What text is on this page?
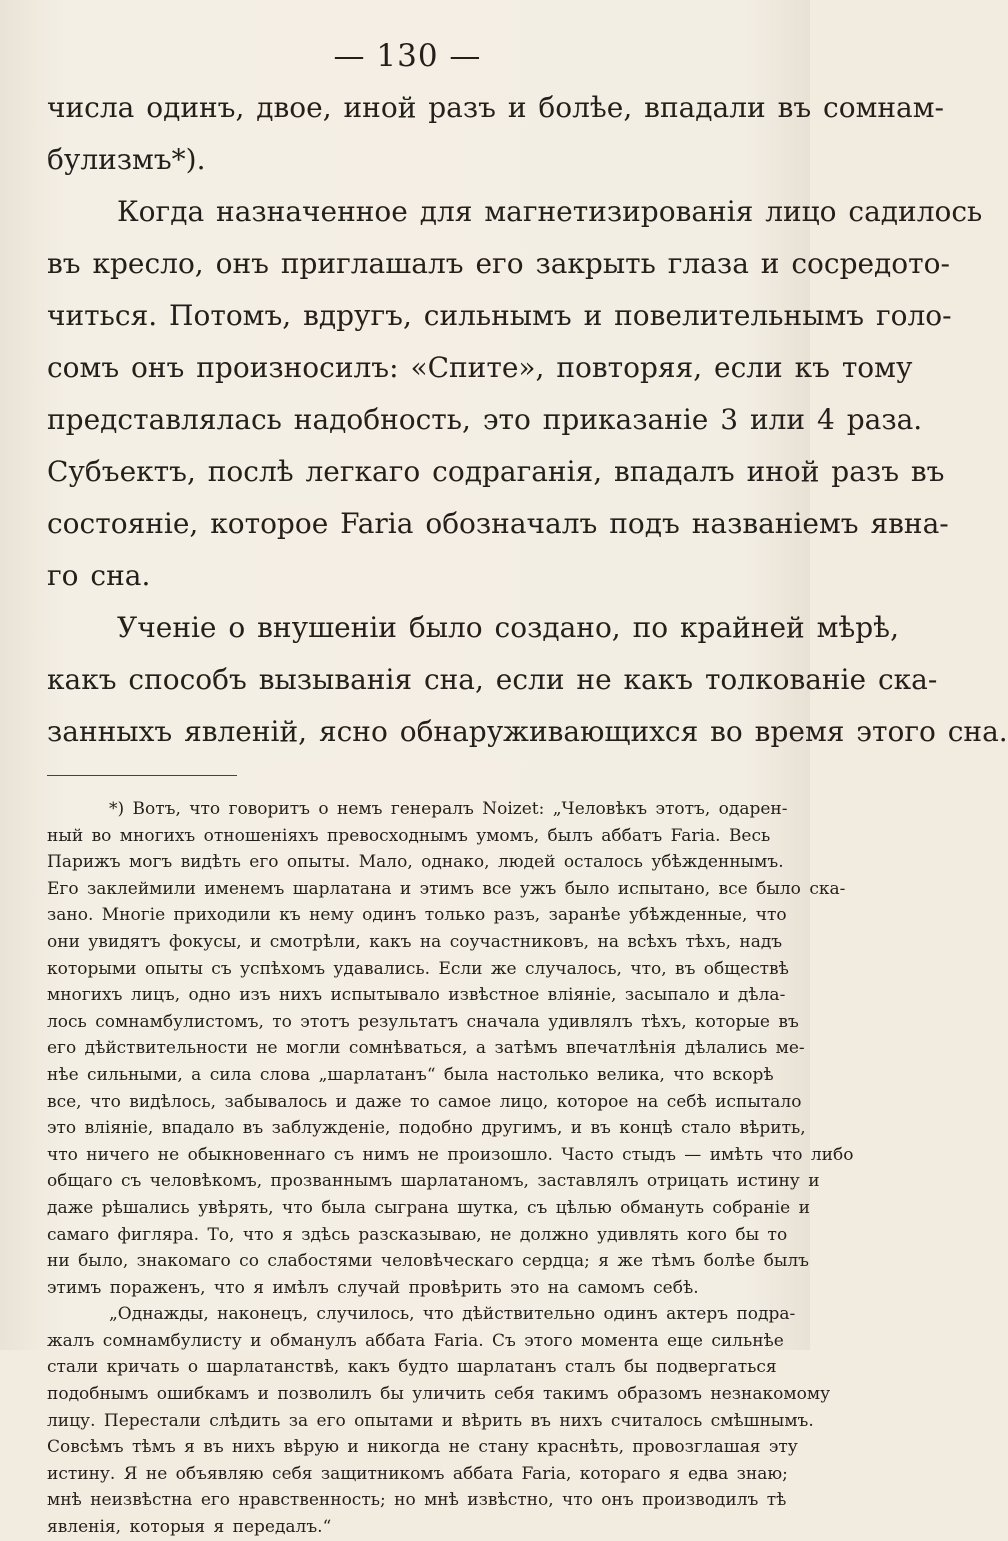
— 130 —
числа одинъ, двое, иной разъ и болѣе, впадали въ сомнам-
булизмъ*).
Когда назначенное для магнетизированія лицо садилось
въ кресло, онъ приглашалъ его закрыть глаза и сосредото-
читься. Потомъ, вдругъ, сильнымъ и повелительнымъ голо-
сомъ онъ произносилъ: «Спите», повторяя, если къ тому
представлялась надобность, это приказаніе 3 или 4 раза.
Субъектъ, послѣ легкаго содраганія, впадалъ иной разъ въ
состояніе, которое Faria обозначалъ подъ названіемъ явна-
го сна.
Ученіе о внушеніи было создано, по крайней мѣрѣ,
какъ способъ вызыванія сна, если не какъ толкованіе ска-
занныхъ явленій, ясно обнаруживающихся во время этого сна.
*) Вотъ, что говоритъ о немъ генералъ Noizet: „Человѣкъ этотъ, одарен-
ный во многихъ отношеніяхъ превосходнымъ умомъ, былъ аббатъ Faria. Весь
Парижъ могъ видѣть его опыты. Мало, однако, людей осталось убѣжденнымъ.
Его заклеймили именемъ шарлатана и этимъ все ужъ было испытано, все было ска-
зано. Многіе приходили къ нему одинъ только разъ, заранѣе убѣжденные, что
они увидятъ фокусы, и смотрѣли, какъ на соучастниковъ, на всѣхъ тѣхъ, надъ
которыми опыты съ успѣхомъ удавались. Если же случалось, что, въ обществѣ
многихъ лицъ, одно изъ нихъ испытывало извѣстное вліяніе, засыпало и дѣла-
лось сомнамбулистомъ, то этотъ результатъ сначала удивлялъ тѣхъ, которые въ
его дѣйствительности не могли сомнѣваться, а затѣмъ впечатлѣнія дѣлались ме-
нѣе сильными, а сила слова „шарлатанъ“ была настолько велика, что вскорѣ
все, что видѣлось, забывалось и даже то самое лицо, которое на себѣ испытало
это вліяніе, впадало въ заблужденіе, подобно другимъ, и въ концѣ стало вѣрить,
что ничего не обыкновеннаго съ нимъ не произошло. Часто стыдъ — имѣть что либо
общаго съ человѣкомъ, прозваннымъ шарлатаномъ, заставлялъ отрицать истину и
даже рѣшались увѣрять, что была сыграна шутка, съ цѣлью обмануть собраніе и
самаго фигляра. То, что я здѣсь разсказываю, не должно удивлять кого бы то
ни было, знакомаго со слабостями человѣческаго сердца; я же тѣмъ болѣе былъ
этимъ пораженъ, что я имѣлъ случай провѣрить это на самомъ себѣ.
„Однажды, наконецъ, случилось, что дѣйствительно одинъ актеръ подра-
жалъ сомнамбулисту и обманулъ аббата Faria. Съ этого момента еще сильнѣе
стали кричать о шарлатанствѣ, какъ будто шарлатанъ сталъ бы подвергаться
подобнымъ ошибкамъ и позволилъ бы уличить себя такимъ образомъ незнакомому
лицу. Перестали слѣдить за его опытами и вѣрить въ нихъ считалось смѣшнымъ.
Совсѣмъ тѣмъ я въ нихъ вѣрую и никогда не стану краснѣть, провозглашая эту
истину. Я не объявляю себя защитникомъ аббата Faria, котораго я едва знаю;
мнѣ неизвѣстна его нравственность; но мнѣ извѣстно, что онъ производилъ тѣ
явленія, которыя я передалъ.“
